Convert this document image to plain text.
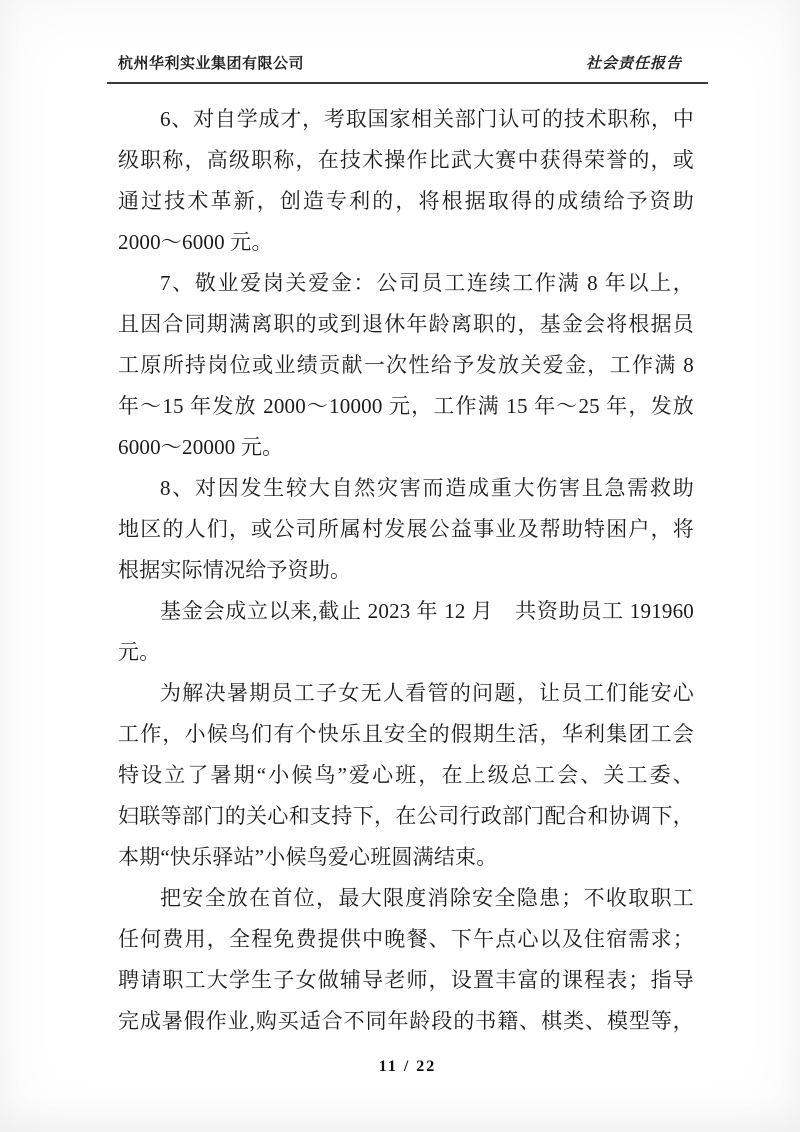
杭州华利实业集团有限公司	社会责任报告
6、对自学成才，考取国家相关部门认可的技术职称，中
级职称，高级职称，在技术操作比武大赛中获得荣誉的，或
通过技术革新，创造专利的，将根据取得的成绩给予资助
2000～6000 元。
7、敬业爱岗关爱金：公司员工连续工作满 8 年以上，
且因合同期满离职的或到退休年龄离职的，基金会将根据员
工原所持岗位或业绩贡献一次性给予发放关爱金，工作满 8
年～15 年发放 2000～10000 元，工作满 15 年～25 年，发放
6000～20000 元。
8、对因发生较大自然灾害而造成重大伤害且急需救助
地区的人们，或公司所属村发展公益事业及帮助特困户，将
根据实际情况给予资助。
基金会成立以来,截止 2023 年 12 月　共资助员工 191960
元。
为解决暑期员工子女无人看管的问题，让员工们能安心
工作，小候鸟们有个快乐且安全的假期生活，华利集团工会
特设立了暑期“小候鸟”爱心班，在上级总工会、关工委、
妇联等部门的关心和支持下，在公司行政部门配合和协调下，
本期“快乐驿站”小候鸟爱心班圆满结束。
把安全放在首位，最大限度消除安全隐患；不收取职工
任何费用，全程免费提供中晚餐、下午点心以及住宿需求；
聘请职工大学生子女做辅导老师，设置丰富的课程表；指导
完成暑假作业,购买适合不同年龄段的书籍、棋类、模型等，
11 / 22
